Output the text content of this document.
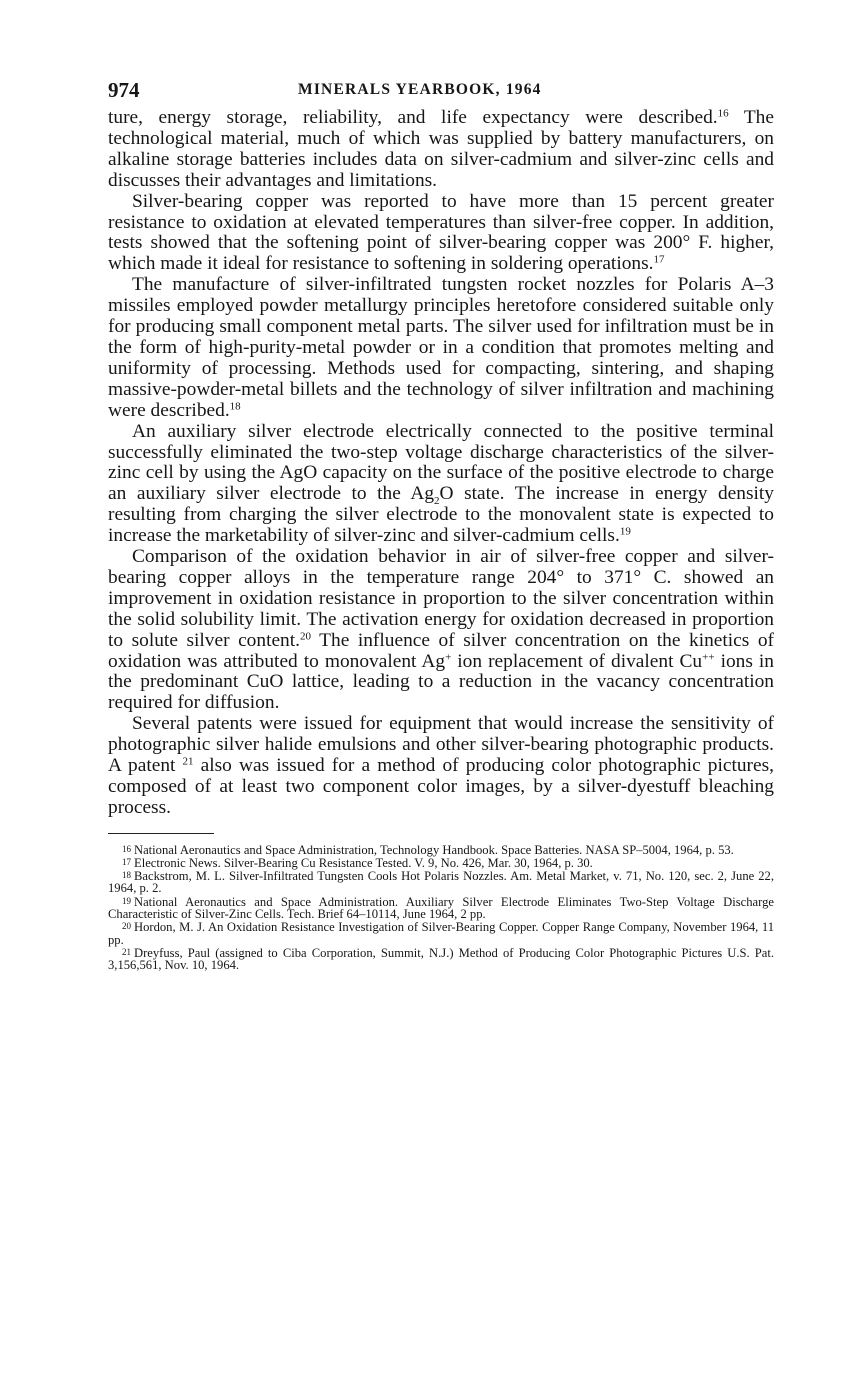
974	MINERALS YEARBOOK, 1964

ture, energy storage, reliability, and life expectancy were described.$^{16}$ The technological material, much of which was supplied by battery manufacturers, on alkaline storage batteries includes data on silver-cadmium and silver-zinc cells and discusses their advantages and limitations.

Silver-bearing copper was reported to have more than 15 percent greater resistance to oxidation at elevated temperatures than silver-free copper. In addition, tests showed that the softening point of silver-bearing copper was 200° F. higher, which made it ideal for resistance to softening in soldering operations.$^{17}$

The manufacture of silver-infiltrated tungsten rocket nozzles for Polaris A–3 missiles employed powder metallurgy principles heretofore considered suitable only for producing small component metal parts. The silver used for infiltration must be in the form of high-purity-metal powder or in a condition that promotes melting and uniformity of processing. Methods used for compacting, sintering, and shaping massive-powder-metal billets and the technology of silver infiltration and machining were described.$^{18}$

An auxiliary silver electrode electrically connected to the positive terminal successfully eliminated the two-step voltage discharge characteristics of the silver-zinc cell by using the AgO capacity on the surface of the positive electrode to charge an auxiliary silver electrode to the $Ag_2O$ state. The increase in energy density resulting from charging the silver electrode to the monovalent state is expected to increase the marketability of silver-zinc and silver-cadmium cells.$^{19}$

Comparison of the oxidation behavior in air of silver-free copper and silver-bearing copper alloys in the temperature range 204° to 371° C. showed an improvement in oxidation resistance in proportion to the silver concentration within the solid solubility limit. The activation energy for oxidation decreased in proportion to solute silver content.$^{20}$ The influence of silver concentration on the kinetics of oxidation was attributed to monovalent Ag+ ion replacement of divalent Cu++ ions in the predominant CuO lattice, leading to a reduction in the vacancy concentration required for diffusion.

Several patents were issued for equipment that would increase the sensitivity of photographic silver halide emulsions and other silver-bearing photographic products. A patent $^{21}$ also was issued for a method of producing color photographic pictures, composed of at least two component color images, by a silver-dyestuff bleaching process.

16 National Aeronautics and Space Administration, Technology Handbook. Space Batteries. NASA SP–5004, 1964, p. 53.

17 Electronic News. Silver-Bearing Cu Resistance Tested. V. 9, No. 426, Mar. 30, 1964, p. 30.

18 Backstrom, M. L. Silver-Infiltrated Tungsten Cools Hot Polaris Nozzles. Am. Metal Market, v. 71, No. 120, sec. 2, June 22, 1964, p. 2.

19 National Aeronautics and Space Administration. Auxiliary Silver Electrode Eliminates Two-Step Voltage Discharge Characteristic of Silver-Zinc Cells. Tech. Brief 64–10114, June 1964, 2 pp.

20 Hordon, M. J. An Oxidation Resistance Investigation of Silver-Bearing Copper. Copper Range Company, November 1964, 11 pp.

21 Dreyfuss, Paul (assigned to Ciba Corporation, Summit, N.J.) Method of Producing Color Photographic Pictures U.S. Pat. 3,156,561, Nov. 10, 1964.
